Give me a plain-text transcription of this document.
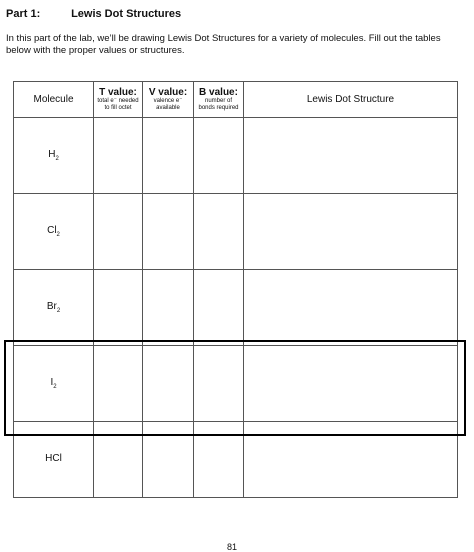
Part 1:	Lewis Dot Structures
In this part of the lab, we’ll be drawing Lewis Dot Structures for a variety of molecules. Fill out the tables below with the proper values or structures.
Molecule	T value:
total e⁻ needed
to fill octet	V value:
valence e⁻
available	B value:
number of
bonds required	Lewis Dot Structure

$H_2$				
$Cl_2$				
$Br_2$				
$I_2$				
HCl				
81
